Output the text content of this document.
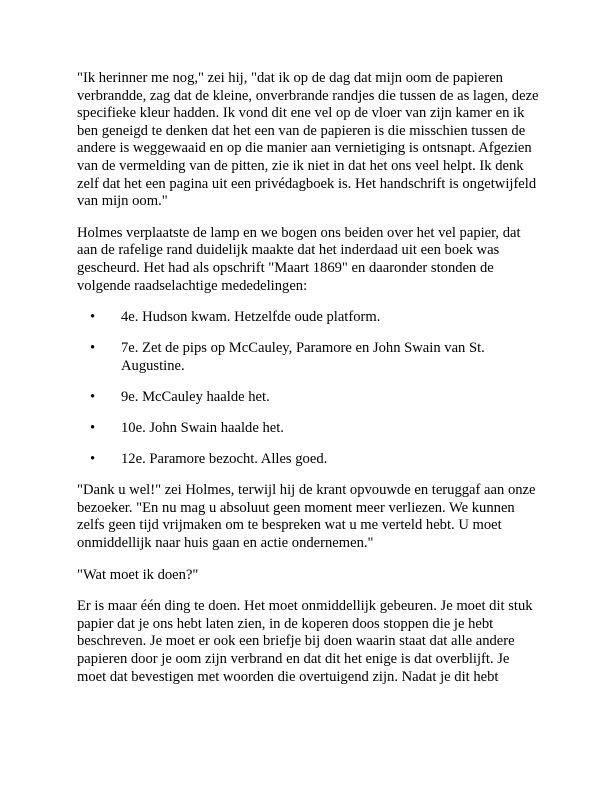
"Ik herinner me nog," zei hij, "dat ik op de dag dat mijn oom de papieren verbrandde, zag dat de kleine, onverbrande randjes die tussen de as lagen, deze specifieke kleur hadden. Ik vond dit ene vel op de vloer van zijn kamer en ik ben geneigd te denken dat het een van de papieren is die misschien tussen de andere is weggewaaid en op die manier aan vernietiging is ontsnapt. Afgezien van de vermelding van de pitten, zie ik niet in dat het ons veel helpt. Ik denk zelf dat het een pagina uit een privédagboek is. Het handschrift is ongetwijfeld van mijn oom."

Holmes verplaatste de lamp en we bogen ons beiden over het vel papier, dat aan de rafelige rand duidelijk maakte dat het inderdaad uit een boek was gescheurd. Het had als opschrift "Maart 1869" en daaronder stonden de volgende raadselachtige mededelingen:

• 4e. Hudson kwam. Hetzelfde oude platform.
• 7e. Zet de pips op McCauley, Paramore en John Swain van St. Augustine.
• 9e. McCauley haalde het.
• 10e. John Swain haalde het.
• 12e. Paramore bezocht. Alles goed.

"Dank u wel!" zei Holmes, terwijl hij de krant opvouwde en teruggaf aan onze bezoeker. "En nu mag u absoluut geen moment meer verliezen. We kunnen zelfs geen tijd vrijmaken om te bespreken wat u me verteld hebt. U moet onmiddellijk naar huis gaan en actie ondernemen."

"Wat moet ik doen?"

Er is maar één ding te doen. Het moet onmiddellijk gebeuren. Je moet dit stuk papier dat je ons hebt laten zien, in de koperen doos stoppen die je hebt beschreven. Je moet er ook een briefje bij doen waarin staat dat alle andere papieren door je oom zijn verbrand en dat dit het enige is dat overblijft. Je moet dat bevestigen met woorden die overtuigend zijn. Nadat je dit hebt
